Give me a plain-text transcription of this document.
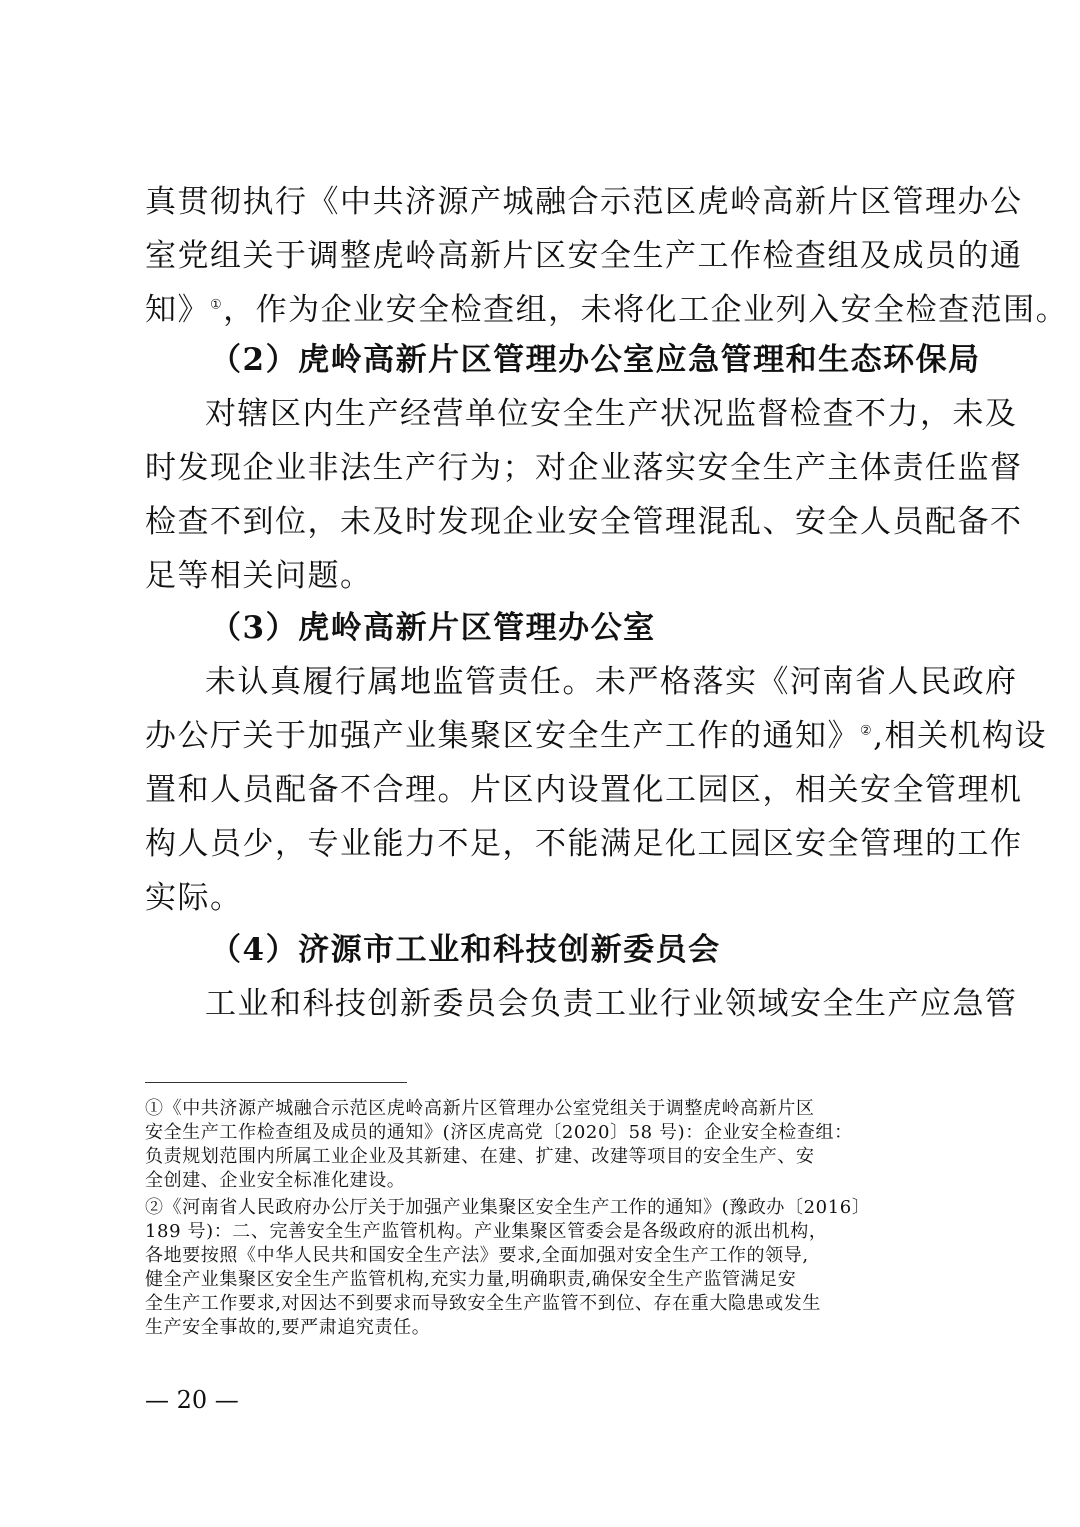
真贯彻执行《中共济源产城融合示范区虎岭高新片区管理办公
室党组关于调整虎岭高新片区安全生产工作检查组及成员的通
知》①，作为企业安全检查组，未将化工企业列入安全检查范围。
（2）虎岭高新片区管理办公室应急管理和生态环保局
对辖区内生产经营单位安全生产状况监督检查不力，未及
时发现企业非法生产行为；对企业落实安全生产主体责任监督
检查不到位，未及时发现企业安全管理混乱、安全人员配备不
足等相关问题。
（3）虎岭高新片区管理办公室
未认真履行属地监管责任。未严格落实《河南省人民政府
办公厅关于加强产业集聚区安全生产工作的通知》②,相关机构设
置和人员配备不合理。片区内设置化工园区，相关安全管理机
构人员少，专业能力不足，不能满足化工园区安全管理的工作
实际。
（4）济源市工业和科技创新委员会
工业和科技创新委员会负责工业行业领域安全生产应急管
①《中共济源产城融合示范区虎岭高新片区管理办公室党组关于调整虎岭高新片区
安全生产工作检查组及成员的通知》(济区虎高党〔2020〕58 号)：企业安全检查组：
负责规划范围内所属工业企业及其新建、在建、扩建、改建等项目的安全生产、安
全创建、企业安全标准化建设。
②《河南省人民政府办公厅关于加强产业集聚区安全生产工作的通知》(豫政办〔2016〕
189 号)：二、完善安全生产监管机构。产业集聚区管委会是各级政府的派出机构，
各地要按照《中华人民共和国安全生产法》要求,全面加强对安全生产工作的领导,
健全产业集聚区安全生产监管机构,充实力量,明确职责,确保安全生产监管满足安
全生产工作要求,对因达不到要求而导致安全生产监管不到位、存在重大隐患或发生
生产安全事故的,要严肃追究责任。
— 20 —
